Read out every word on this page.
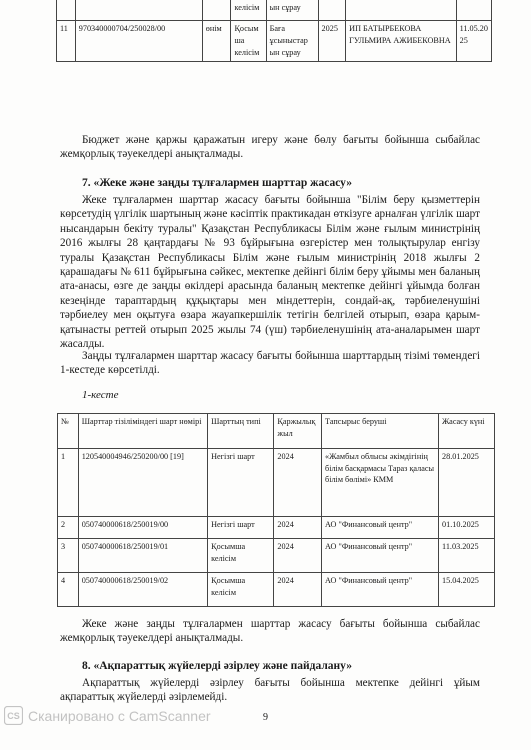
			келісім	ын сұрау			
11	970340000704/250028/00	өнім	Қосым ша келісім	Баға ұсыныстар ын сұрау	2025	ИП БАТЫРБЕКОВА ГУЛЬМИРА АЖИБЕКОВНА	11.05.2025

Бюджет және қаржы қаражатын игеру және бөлу бағыты бойынша сыбайлас жемқорлық тәуекелдері анықталмады.

7. «Жеке және заңды тұлғалармен шарттар жасасу»

Жеке тұлғалармен шарттар жасасу бағыты бойынша "Білім беру қызметтерін көрсетудің үлгілік шартының және кәсіптік практикадан өткізуге арналған үлгілік шарт нысандарын бекіту туралы" Қазақстан Республикасы Білім және ғылым министрінің 2016 жылғы 28 қаңтардағы № 93 бұйрығына өзгерістер мен толықтырулар енгізу туралы Қазақстан Республикасы Білім және ғылым министрінің 2018 жылғы 2 қарашадағы № 611 бұйрығына сәйкес, мектепке дейінгі білім беру ұйымы мен баланың ата-анасы, өзге де заңды өкілдері арасында баланың мектепке дейінгі ұйымда болған кезеңінде тараптардың құқықтары мен міндеттерін, сондай-ақ, тәрбиеленушіні тәрбиелеу мен оқытуға өзара жауапкершілік тетігін белгілей отырып, өзара қарым-қатынасты реттей отырып 2025 жылы 74 (үш) тәрбиеленушінің ата-аналарымен шарт жасалды.

Заңды тұлғалармен шарттар жасасу бағыты бойынша шарттардың тізімі төмендегі 1-кестеде көрсетілді.

1-кесте

№	Шарттар тізіліміндегі шарт нөмірі	Шарттың типі	Қаржылық жыл	Тапсырыс беруші	Жасасу күні
1	120540004946/250200/00 [19]	Негізгі шарт	2024	«Жамбыл облысы әкімдігінің білім басқармасы Тараз қаласы білім бөлімі» КММ	28.01.2025
2	050740000618/250019/00	Негізгі шарт	2024	АО "Финансовый центр"	01.10.2025
3	050740000618/250019/01	Қосымша келісім	2024	АО "Финансовый центр"	11.03.2025
4	050740000618/250019/02	Қосымша келісім	2024	АО "Финансовый центр"	15.04.2025

Жеке және заңды тұлғалармен шарттар жасасу бағыты бойынша сыбайлас жемқорлық тәуекелдері анықталмады.

8. «Ақпараттық жүйелерді әзірлеу және пайдалану»

Ақпараттық жүйелерді әзірлеу бағыты бойынша мектепке дейінгі ұйым ақпараттық жүйелерді әзірлемейді.

CS Сканировано с CamScanner	9
